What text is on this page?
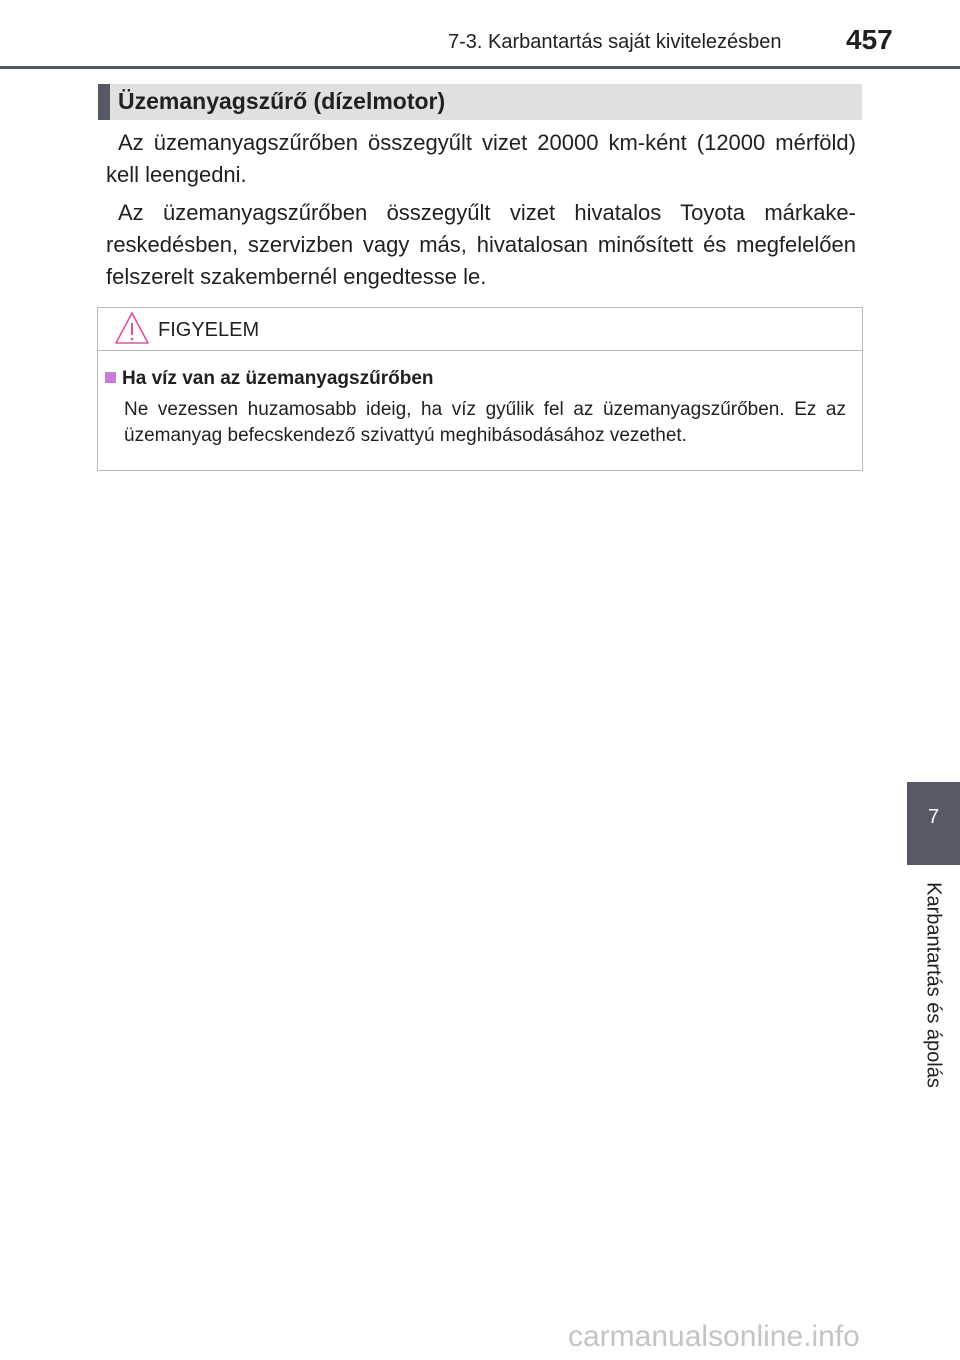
7-3. Karbantartás saját kivitelezésben 457
Üzemanyagszűrő (dízelmotor)

Az üzemanyagszűrőben összegyűlt vizet 20000 km-ként (12000 mérföld) kell leengedni.

Az üzemanyagszűrőben összegyűlt vizet hivatalos Toyota márkakereskedésben, szervizben vagy más, hivatalosan minősített és megfelelően felszerelt szakembernél engedtesse le.

FIGYELEM
Ha víz van az üzemanyagszűrőben

Ne vezessen huzamosabb ideig, ha víz gyűlik fel az üzemanyagszűrőben. Ez az üzemanyag befecskendező szivattyú meghibásodásához vezethet.

7
Karbantartás és ápolás
carmanualsonline.info
